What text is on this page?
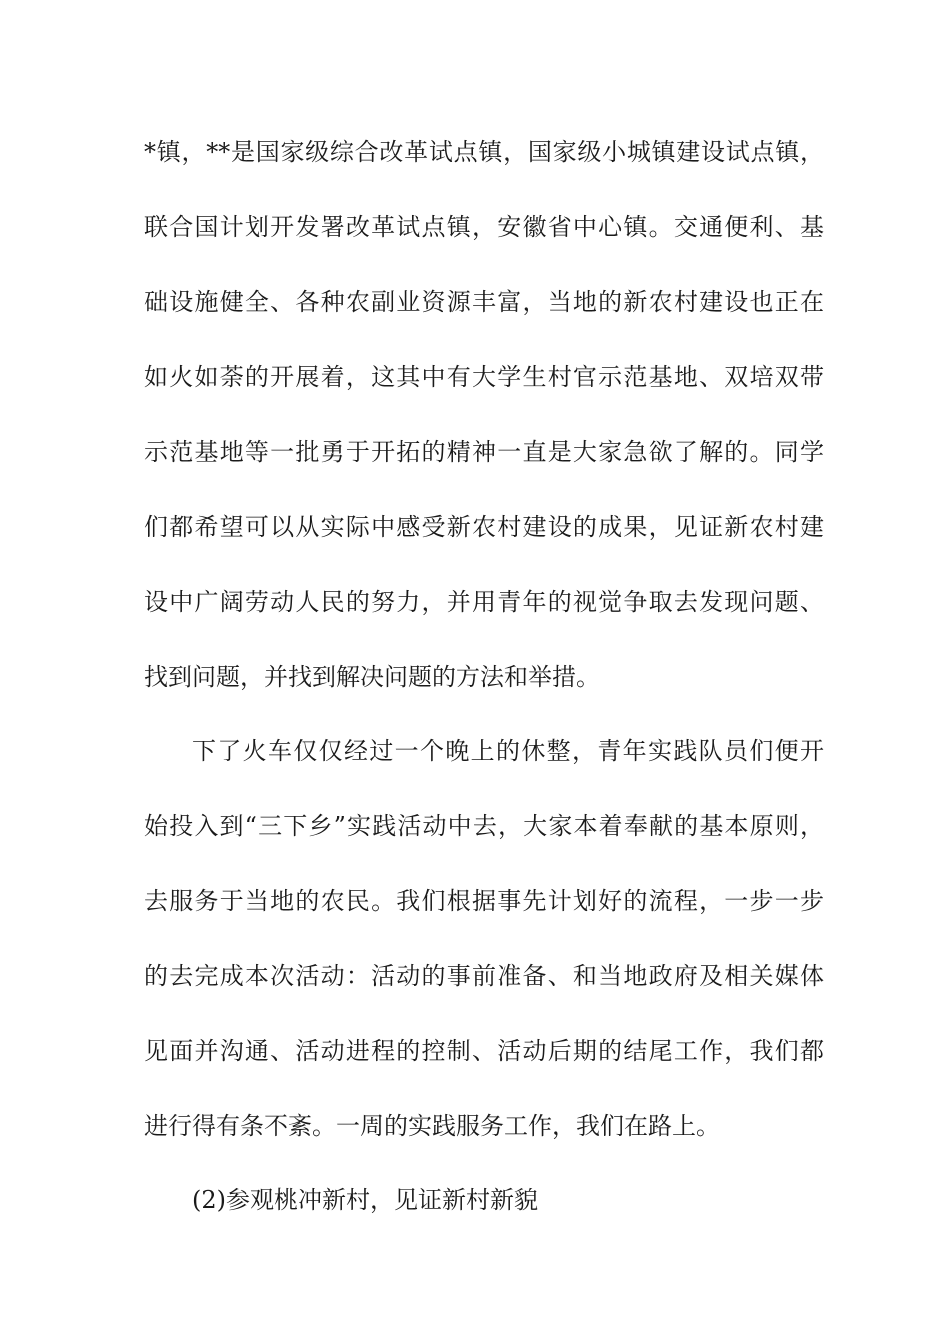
*镇，**是国家级综合改革试点镇，国家级小城镇建设试点镇，
联合国计划开发署改革试点镇，安徽省中心镇。交通便利、基
础设施健全、各种农副业资源丰富，当地的新农村建设也正在
如火如荼的开展着，这其中有大学生村官示范基地、双培双带
示范基地等一批勇于开拓的精神一直是大家急欲了解的。同学
们都希望可以从实际中感受新农村建设的成果，见证新农村建
设中广阔劳动人民的努力，并用青年的视觉争取去发现问题、
找到问题，并找到解决问题的方法和举措。
下了火车仅仅经过一个晚上的休整，青年实践队员们便开
始投入到“三下乡”实践活动中去，大家本着奉献的基本原则，
去服务于当地的农民。我们根据事先计划好的流程，一步一步
的去完成本次活动：活动的事前准备、和当地政府及相关媒体
见面并沟通、活动进程的控制、活动后期的结尾工作，我们都
进行得有条不紊。一周的实践服务工作，我们在路上。
(2)参观桃冲新村，见证新村新貌
